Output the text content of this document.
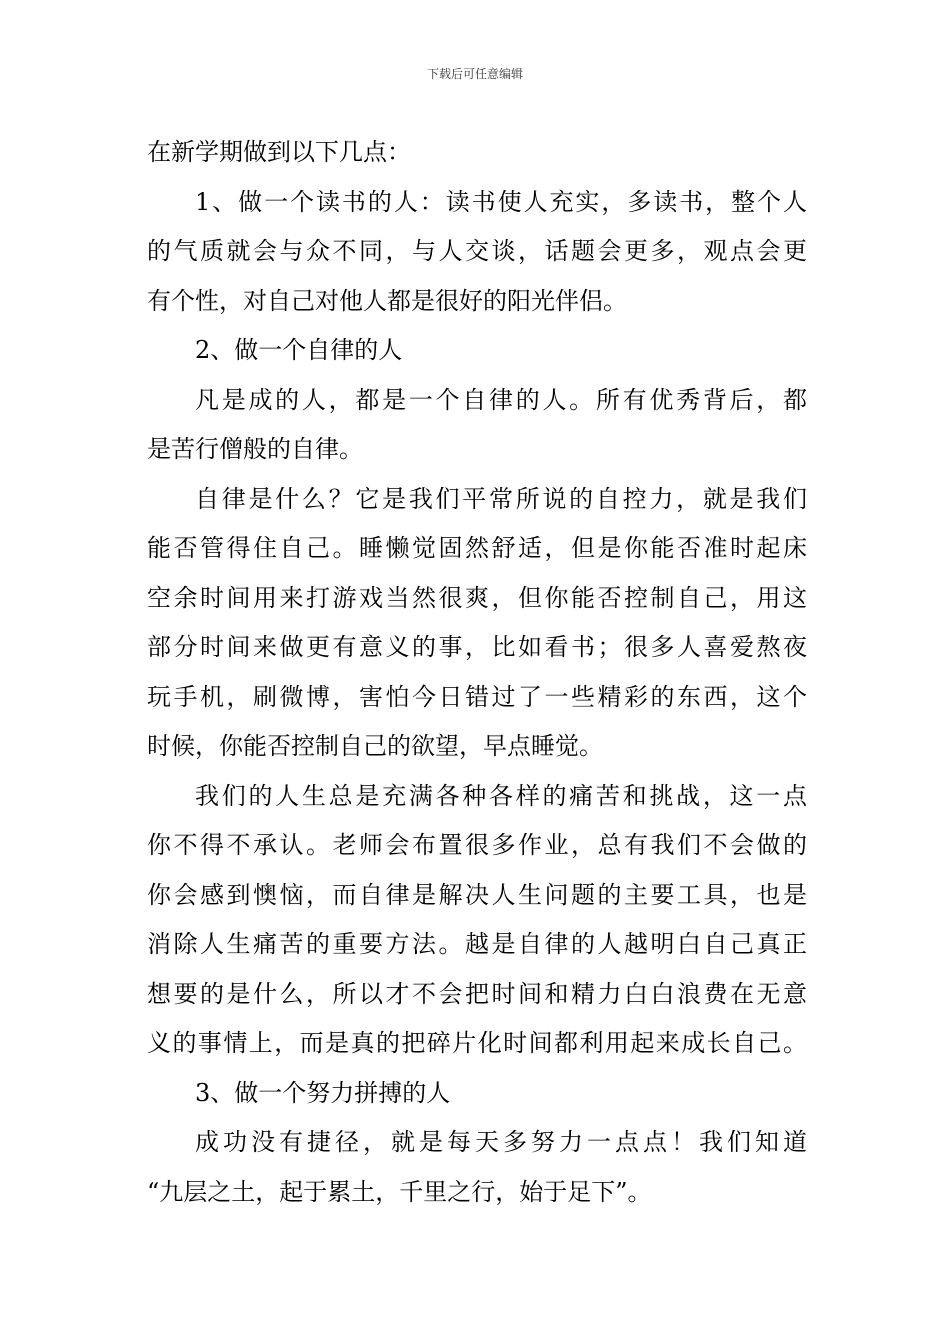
下载后可任意编辑
在新学期做到以下几点：
1、做一个读书的人：读书使人充实，多读书，整个人
的气质就会与众不同，与人交谈，话题会更多，观点会更
有个性，对自己对他人都是很好的阳光伴侣。
2、做一个自律的人
凡是成的人，都是一个自律的人。所有优秀背后，都
是苦行僧般的自律。
自律是什么？它是我们平常所说的自控力，就是我们
能否管得住自己。睡懒觉固然舒适，但是你能否准时起床
空余时间用来打游戏当然很爽，但你能否控制自己，用这
部分时间来做更有意义的事，比如看书；很多人喜爱熬夜
玩手机，刷微博，害怕今日错过了一些精彩的东西，这个
时候，你能否控制自己的欲望，早点睡觉。
我们的人生总是充满各种各样的痛苦和挑战，这一点
你不得不承认。老师会布置很多作业，总有我们不会做的
你会感到懊恼，而自律是解决人生问题的主要工具，也是
消除人生痛苦的重要方法。越是自律的人越明白自己真正
想要的是什么，所以才不会把时间和精力白白浪费在无意
义的事情上，而是真的把碎片化时间都利用起来成长自己。
3、做一个努力拼搏的人
成功没有捷径，就是每天多努力一点点！我们知道
“九层之土，起于累土，千里之行，始于足下”。
